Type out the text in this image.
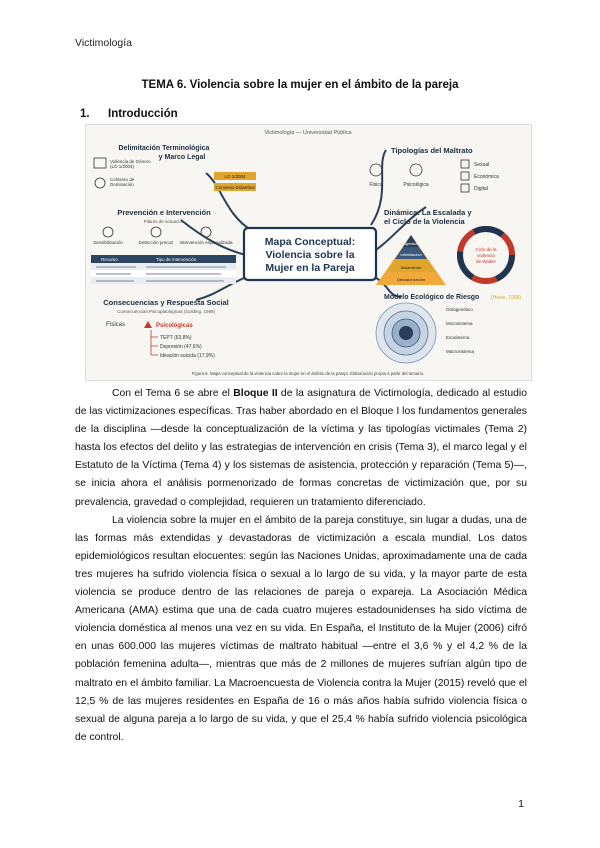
Victimología
TEMA 6. Violencia sobre la mujer en el ámbito de la pareja
1. Introducción
Victimología — Universidad Pública
Mapa Conceptual:
Violencia sobre la
Mujer en la Pareja
Delimitación Terminológica
y Marco Legal
Violencia de Género
(LO 1/2004)
Contexto de
Dominación
LO 1/2004
Convenio Estambul
Tipologías del Maltrato
Física	Psicológica
Sexual
Económica
Digital
Prevención e Intervención
Pilares de actuación
Sensibilización	Detección precoz Intervención especializada
Recurso	Tipo de intervención
Dinámica: La Escalada y
el Ciclo de la Violencia
Agresión
Intimidación
Aislamiento
Desvalorización
Ciclo de la
violencia
de Walker
Consecuencias y Respuesta Social
Consecuencias Psicopatológicas (Golding, 1999)
Físicas	Psicológicas
TEPT (63,8%)
Depresión (47,6%)
Ideación suicida (17,9%)
Modelo Ecológico de Riesgo (Heise, 1998)
Ontogenético
Microsistema
Exosistema
Macrosistema
Figura 6. Mapa conceptual de la violencia sobre la mujer en el ámbito de la pareja. Elaboración propia a partir del temario.

Con el Tema 6 se abre el Bloque II de la asignatura de Victimología, dedicado al estudio de las victimizaciones específicas. Tras haber abordado en el Bloque I los fundamentos generales de la disciplina —desde la conceptualización de la víctima y las tipologías victimales (Tema 2) hasta los efectos del delito y las estrategias de intervención en crisis (Tema 3), el marco legal y el Estatuto de la Víctima (Tema 4) y los sistemas de asistencia, protección y reparación (Tema 5)—, se inicia ahora el análisis pormenorizado de formas concretas de victimización que, por su prevalencia, gravedad o complejidad, requieren un tratamiento diferenciado.

La violencia sobre la mujer en el ámbito de la pareja constituye, sin lugar a dudas, una de las formas más extendidas y devastadoras de victimización a escala mundial. Los datos epidemiológicos resultan elocuentes: según las Naciones Unidas, aproximadamente una de cada tres mujeres ha sufrido violencia física o sexual a lo largo de su vida, y la mayor parte de esta violencia se produce dentro de las relaciones de pareja o expareja. La Asociación Médica Americana (AMA) estima que una de cada cuatro mujeres estadounidenses ha sido víctima de violencia doméstica al menos una vez en su vida. En España, el Instituto de la Mujer (2006) cifró en unas 600.000 las mujeres víctimas de maltrato habitual —entre el 3,6 % y el 4,2 % de la población femenina adulta—, mientras que más de 2 millones de mujeres sufrían algún tipo de maltrato en el ámbito familiar. La Macroencuesta de Violencia contra la Mujer (2015) reveló que el 12,5 % de las mujeres residentes en España de 16 o más años había sufrido violencia física o sexual de alguna pareja a lo largo de su vida, y que el 25,4 % había sufrido violencia psicológica de control.

1
